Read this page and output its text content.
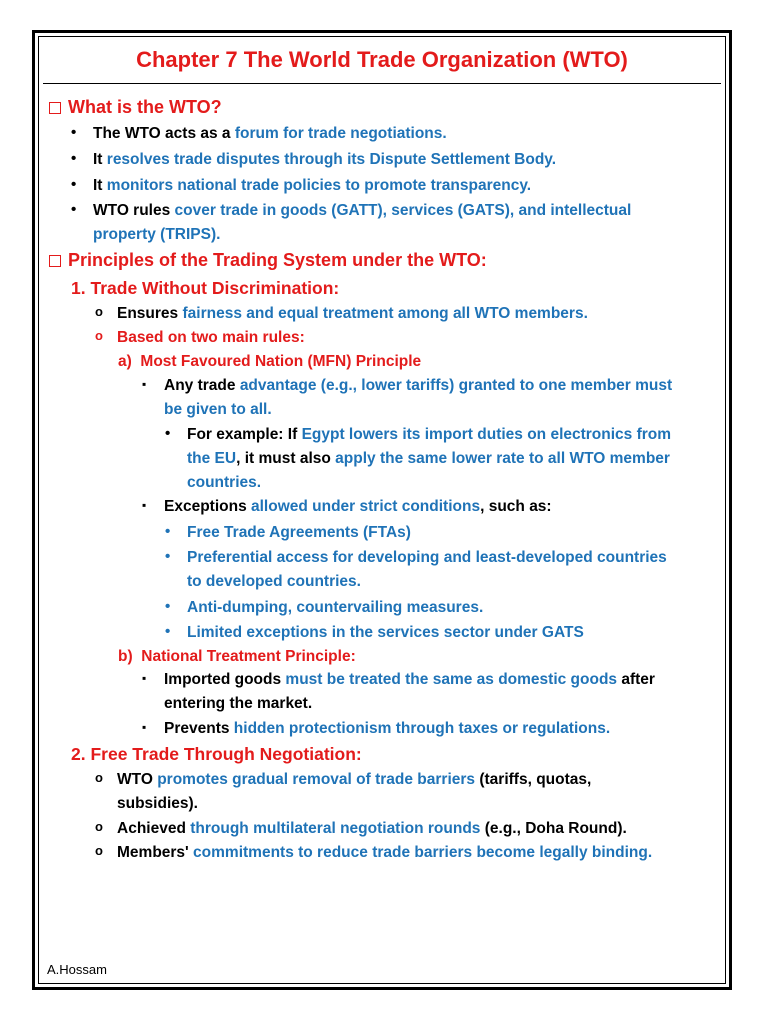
Chapter 7 The World Trade Organization (WTO)
What is the WTO?
• The WTO acts as a forum for trade negotiations.
• It resolves trade disputes through its Dispute Settlement Body.
• It monitors national trade policies to promote transparency.
• WTO rules cover trade in goods (GATT), services (GATS), and intellectual
property (TRIPS).
Principles of the Trading System under the WTO:
1. Trade Without Discrimination:
o Ensures fairness and equal treatment among all WTO members.
o Based on two main rules:
a) Most Favoured Nation (MFN) Principle
▪ Any trade advantage (e.g., lower tariffs) granted to one member must
be given to all.
• For example: If Egypt lowers its import duties on electronics from
the EU, it must also apply the same lower rate to all WTO member
countries.
▪ Exceptions allowed under strict conditions, such as:
• Free Trade Agreements (FTAs)
• Preferential access for developing and least-developed countries
to developed countries.
• Anti-dumping, countervailing measures.
• Limited exceptions in the services sector under GATS
b) National Treatment Principle:
▪ Imported goods must be treated the same as domestic goods after
entering the market.
▪ Prevents hidden protectionism through taxes or regulations.
2. Free Trade Through Negotiation:
o WTO promotes gradual removal of trade barriers (tariffs, quotas,
subsidies).
o Achieved through multilateral negotiation rounds (e.g., Doha Round).
o Members' commitments to reduce trade barriers become legally binding.
A.Hossam
